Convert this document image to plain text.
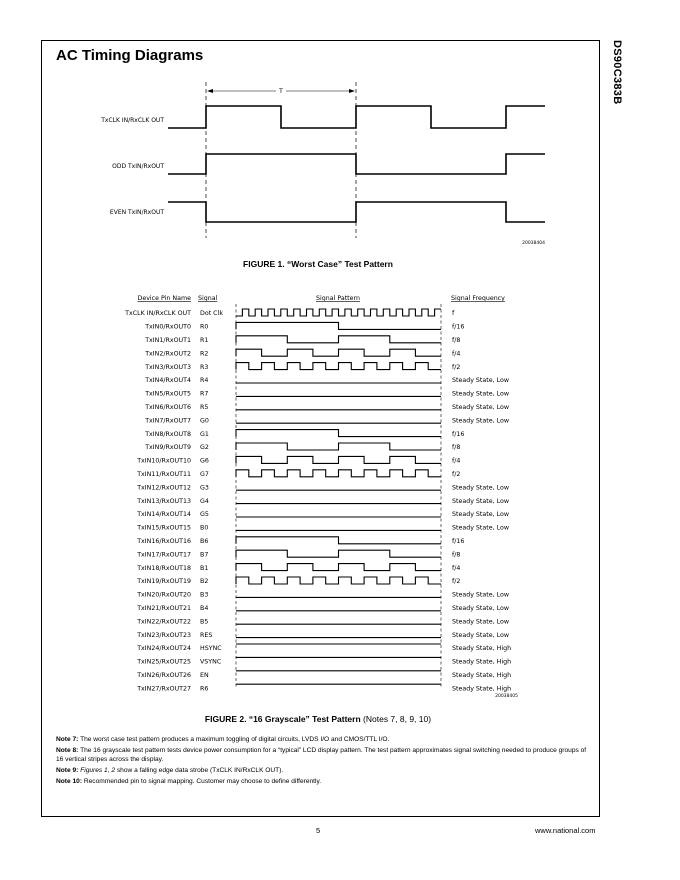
DS90C383B
AC Timing Diagrams
T
TxCLK IN/RxCLK OUT
ODD TxIN/RxOUT
EVEN TxIN/RxOUT
20038404
FIGURE 1. “Worst Case” Test Pattern
Device Pin Name Signal	Signal Pattern	Signal Frequency
TxCLK IN/RxCLK OUT Dot Clk	f
TxIN0/RxOUT0 R0	f/16
TxIN1/RxOUT1 R1	f/8
TxIN2/RxOUT2 R2	f/4
TxIN3/RxOUT3 R3	f/2
TxIN4/RxOUT4 R4	Steady State, Low
TxIN5/RxOUT5 R7	Steady State, Low
TxIN6/RxOUT6 R5	Steady State, Low
TxIN7/RxOUT7 G0	Steady State, Low
TxIN8/RxOUT8 G1	f/16
TxIN9/RxOUT9 G2	f/8
TxIN10/RxOUT10 G6	f/4
TxIN11/RxOUT11 G7	f/2
TxIN12/RxOUT12 G3	Steady State, Low
TxIN13/RxOUT13 G4	Steady State, Low
TxIN14/RxOUT14 G5	Steady State, Low
TxIN15/RxOUT15 B0	Steady State, Low
TxIN16/RxOUT16 B6	f/16
TxIN17/RxOUT17 B7	f/8
TxIN18/RxOUT18 B1	f/4
TxIN19/RxOUT19 B2	f/2
TxIN20/RxOUT20 B3	Steady State, Low
TxIN21/RxOUT21 B4	Steady State, Low
TxIN22/RxOUT22 B5	Steady State, Low
TxIN23/RxOUT23 RES	Steady State, Low
TxIN24/RxOUT24 HSYNC	Steady State, High
TxIN25/RxOUT25 VSYNC	Steady State, High
TxIN26/RxOUT26 EN	Steady State, High
TxIN27/RxOUT27 R6	Steady State, High
20038405
FIGURE 2. “16 Grayscale” Test Pattern (Notes 7, 8, 9, 10)

Note 7: The worst case test pattern produces a maximum toggling of digital circuits, LVDS I/O and CMOS/TTL I/O.

Note 8: The 16 grayscale test pattern tests device power consumption for a “typical” LCD display pattern. The test pattern approximates signal switching needed to produce groups of 16 vertical stripes across the display.

Note 9: Figures 1, 2 show a falling edge data strobe (TxCLK IN/RxCLK OUT).

Note 10: Recommended pin to signal mapping. Customer may choose to define differently.

5	www.national.com
